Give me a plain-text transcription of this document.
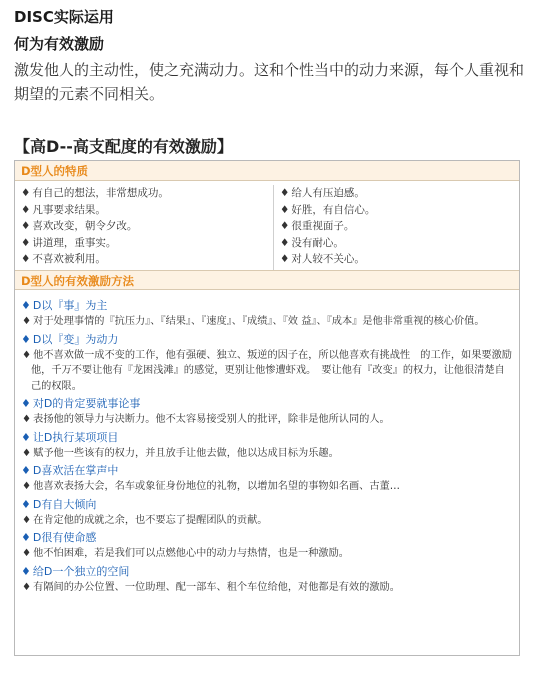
DISC实际运用
何为有效激励
激发他人的主动性，使之充满动力。这和个性当中的动力来源，每个人重视和期望的元素不同相关。
【高D--高支配度的有效激励】
D型人的特质
♦ 有自己的想法，非常想成功。
♦ 凡事要求结果。
♦ 喜欢改变，朝令夕改。
♦ 讲道理，重事实。
♦ 不喜欢被利用。
♦ 给人有压迫感。
♦ 好胜，有自信心。
♦ 很重视面子。
♦ 没有耐心。
♦ 对人较不关心。
D型人的有效激励方法
♦ D以『事』为主
♦ 对于处理事情的『抗压力』、『结果』、『速度』、『成绩』、『效 益』、『成本』是他非常重视的核心价值。
♦ D以『变』为动力
♦ 他不喜欢做一成不变的工作，他有强硬、独立、叛逆的因子在，所以他喜欢有挑战性　的工作，如果要激励他，千万不要让他有『龙困浅滩』的感觉，更别让他惨遭虾戏。　要让他有『改变』的权力，让他很清楚自己的权限。
♦ 对D的肯定要就事论事
♦ 表扬他的领导力与决断力。他不太容易接受别人的批评，除非是他所认同的人。
♦ 让D执行某项项目
♦ 赋予他一些该有的权力，并且放手让他去做，他以达成目标为乐趣。
♦ D喜欢活在掌声中
♦ 他喜欢表扬大会，名车或象征身份地位的礼物，以增加名望的事物如名画、古董…
♦ D有自大倾向
♦ 在肯定他的成就之余，也不要忘了提醒团队的贡献。
♦ D很有使命感
♦ 他不怕困难，若是我们可以点燃他心中的动力与热情，也是一种激励。
♦ 给D一个独立的空间
♦ 有隔间的办公位置、一位助理、配一部车、租个车位给他，对他都是有效的激励。
